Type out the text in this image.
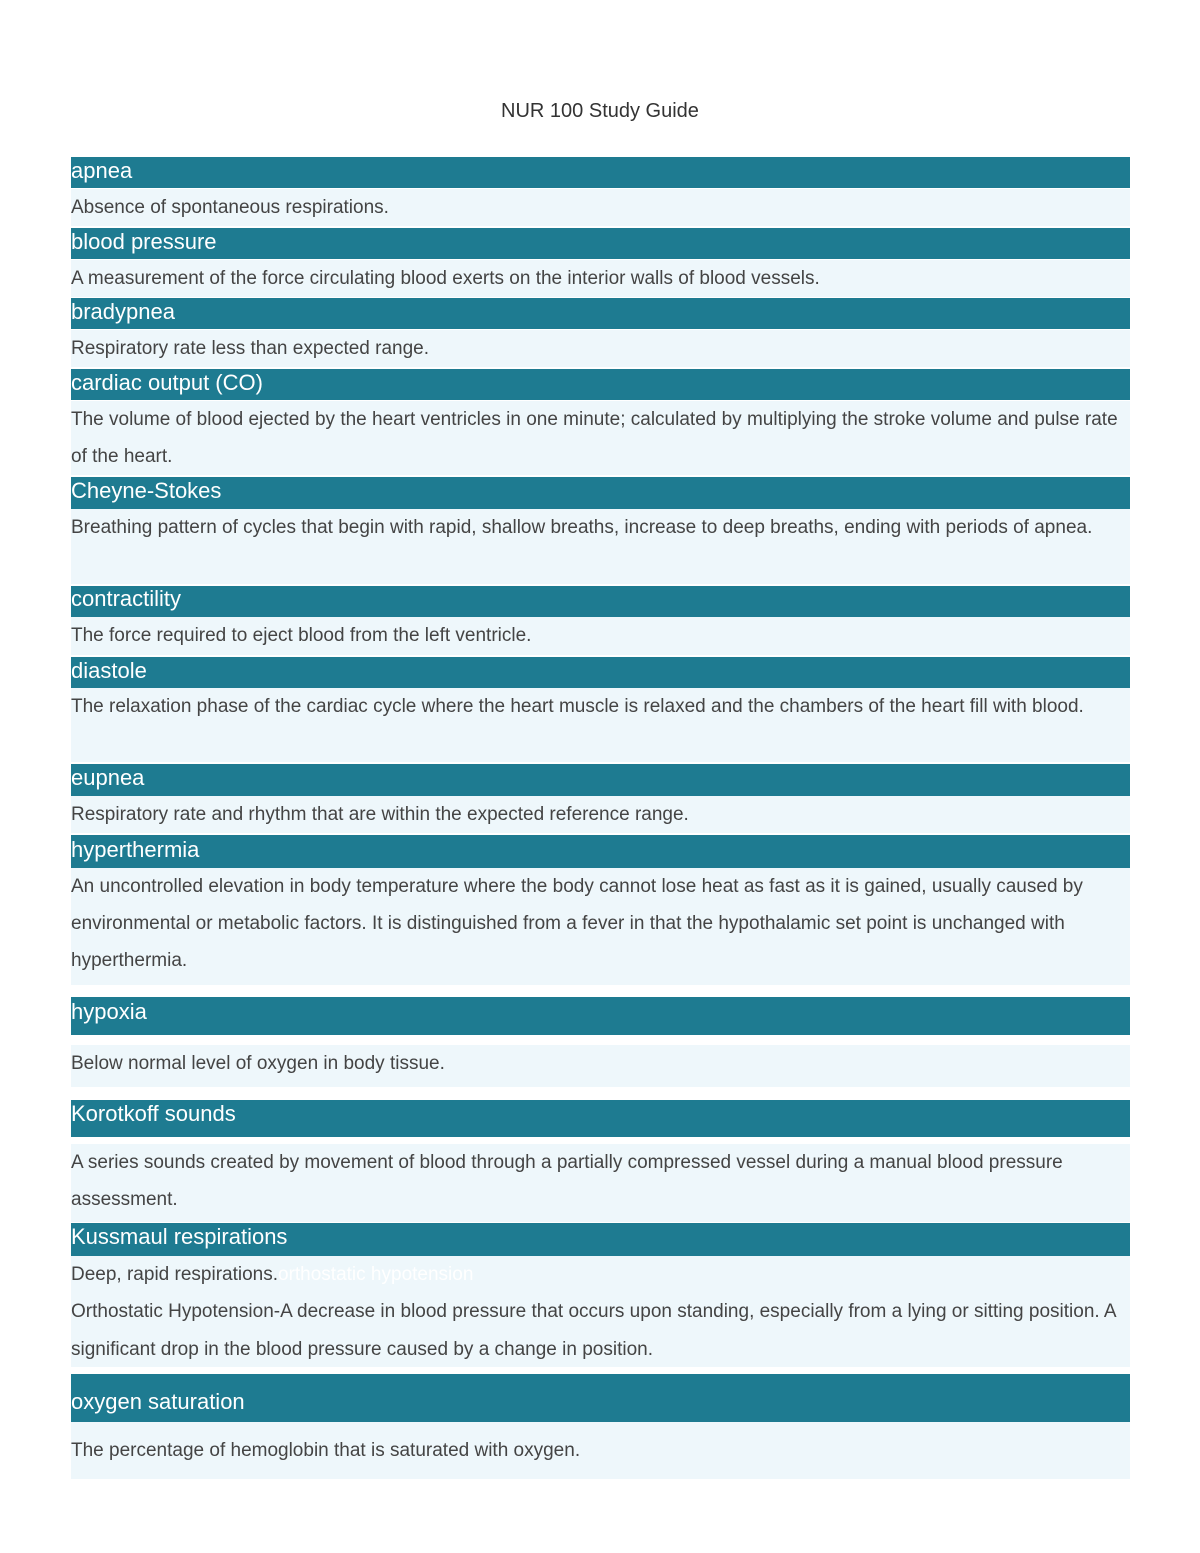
NUR 100 Study Guide
apnea

Absence of spontaneous respirations.

blood pressure

A measurement of the force circulating blood exerts on the interior walls of blood vessels.

bradypnea

Respiratory rate less than expected range.

cardiac output (CO)

The volume of blood ejected by the heart ventricles in one minute; calculated by multiplying the stroke volume and pulse rate of the heart.

Cheyne-Stokes

Breathing pattern of cycles that begin with rapid, shallow breaths, increase to deep breaths, ending with periods of apnea.

contractility

The force required to eject blood from the left ventricle.

diastole

The relaxation phase of the cardiac cycle where the heart muscle is relaxed and the chambers of the heart fill with blood.

eupnea

Respiratory rate and rhythm that are within the expected reference range.

hyperthermia

An uncontrolled elevation in body temperature where the body cannot lose heat as fast as it is gained, usually caused by environmental or metabolic factors. It is distinguished from a fever in that the hypothalamic set point is unchanged with hyperthermia.

hypoxia

Below normal level of oxygen in body tissue.

Korotkoff sounds

A series sounds created by movement of blood through a partially compressed vessel during a manual blood pressure assessment.

Kussmaul respirations

Deep, rapid respirations.orthostatic hypotension

Orthostatic Hypotension-A decrease in blood pressure that occurs upon standing, especially from a lying or sitting position. A significant drop in the blood pressure caused by a change in position.

oxygen saturation

The percentage of hemoglobin that is saturated with oxygen.
